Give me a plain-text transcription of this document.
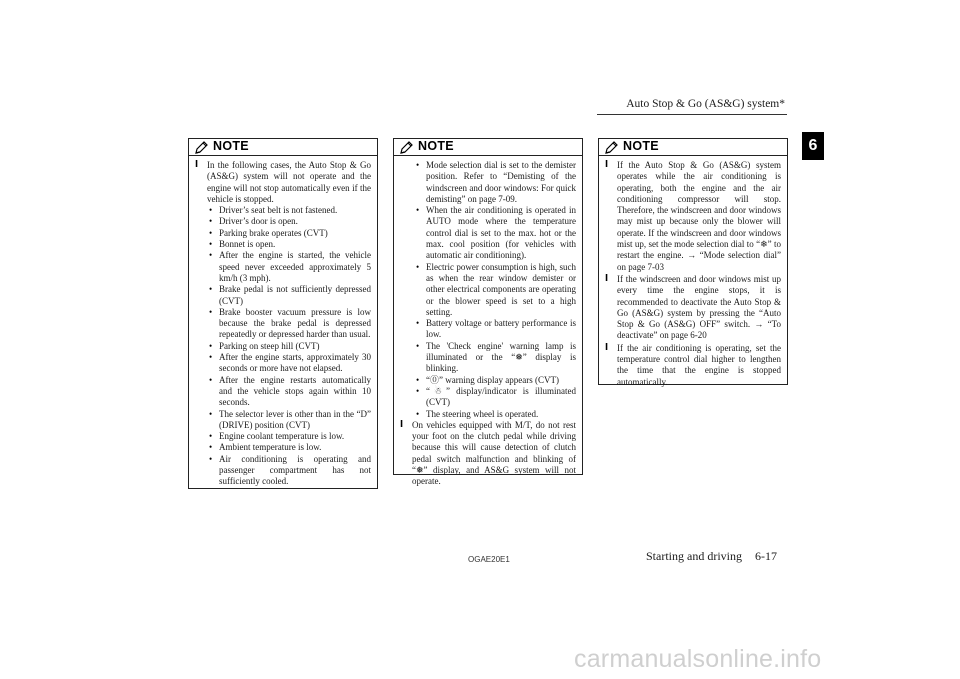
Auto Stop & Go (AS&G) system*
6
NOTE
l In the following cases, the Auto Stop & Go (AS&G) system will not operate and the engine will not stop automatically even if the vehicle is stopped.
• Driver’s seat belt is not fastened.
• Driver’s door is open.
• Parking brake operates (CVT)
• Bonnet is open.
• After the engine is started, the vehicle speed never exceeded approximately 5 km/h (3 mph).
• Brake pedal is not sufficiently depressed (CVT)
• Brake booster vacuum pressure is low because the brake pedal is depressed repeatedly or depressed harder than usual.
• Parking on steep hill (CVT)
• After the engine starts, approximately 30 seconds or more have not elapsed.
• After the engine restarts automatically and the vehicle stops again within 10 seconds.
• The selector lever is other than in the “D” (DRIVE) position (CVT)
• Engine coolant temperature is low.
• Ambient temperature is low.
• Air conditioning is operating and passenger compartment has not sufficiently cooled.
NOTE
• Mode selection dial is set to the demister position. Refer to “Demisting of the windscreen and door windows: For quick demisting” on page 7-09.
• When the air conditioning is operated in AUTO mode where the temperature control dial is set to the max. hot or the max. cool position (for vehicles with automatic air conditioning).
• Electric power consumption is high, such as when the rear window demister or other electrical components are operating or the blower speed is set to a high setting.
• Battery voltage or battery performance is low.
• The 'Check engine' warning lamp is illuminated or the “❅” display is blinking.
• “⓪” warning display appears (CVT)
• “☃” display/indicator is illuminated (CVT)
• The steering wheel is operated.
l On vehicles equipped with M/T, do not rest your foot on the clutch pedal while driving because this will cause detection of clutch pedal switch malfunction and blinking of “❅” display, and AS&G system will not operate.
NOTE
l If the Auto Stop & Go (AS&G) system operates while the air conditioning is operating, both the engine and the air conditioning compressor will stop. Therefore, the windscreen and door windows may mist up because only the blower will operate. If the windscreen and door windows mist up, set the mode selection dial to “❄” to restart the engine. → “Mode selection dial” on page 7-03
l If the windscreen and door windows mist up every time the engine stops, it is recommended to deactivate the Auto Stop & Go (AS&G) system by pressing the “Auto Stop & Go (AS&G) OFF” switch. → “To deactivate” on page 6-20
l If the air conditioning is operating, set the temperature control dial higher to lengthen the time that the engine is stopped automatically.
OGAE20E1	Starting and driving 6-17
carmanualsonline.info
